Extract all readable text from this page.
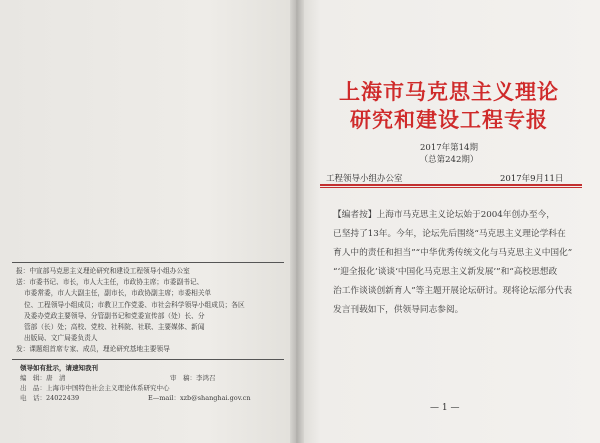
上海市马克思主义理论
研究和建设工程专报
2017年第14期
（总第242期）
工程领导小组办公室	2017年9月11日
【编者按】上海市马克思主义论坛始于2004年创办至今，
已坚持了13年。今年，论坛先后围绕“马克思主义理论学科在
育人中的责任和担当”“中华优秀传统文化与马克思主义中国化”
“‘迎全报化’谈谈‘中国化马克思主义新发展’”和“高校思想政
治工作谈谈创新育人”等主题开展论坛研讨。现将论坛部分代表
发言刊载如下，供领导同志参阅。
— 1 —
报：中宣部马克思主义理论研究和建设工程领导小组办公室
送：市委书记、市长，市人大主任，市政协主席；市委副书记、
市委常委，市人大副主任，副市长，市政协副主席；市委相关单
位、工程领导小组成员；市教卫工作党委、市社会科学领导小组成员；各区
及委办党政主要领导、分管副书记和党委宣传部（处）长、分
管部（长）处；高校、党校、社科院、社联、主要媒体、新闻
出版局、文广局委负责人
发：课题组首席专家、成员，理论研究基地主要领导
领导如有批示，请速知我刊
编　辑：唐　清	审　稿：李鸿召
出　品：上海市中国特色社会主义理论体系研究中心
电　话：24022439	E—mail：xzb@shanghai.gov.cn
